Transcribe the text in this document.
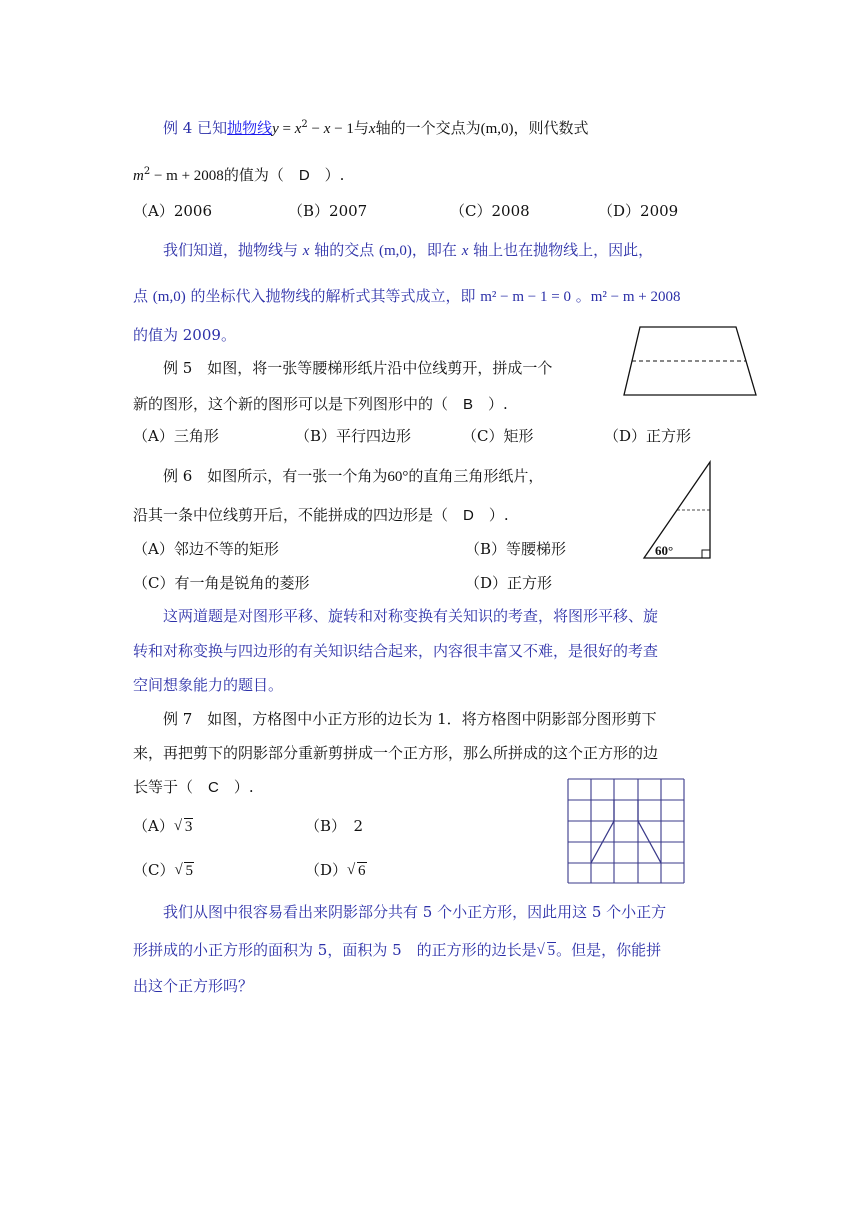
例 4 已知抛物线$y = x^2 - x - 1$与x轴的一个交点为(m,0)，则代数式
$m^2 - m + 2008$的值为（　D　）.
（A）2006	（B）2007	（C）2008	（D）2009
我们知道，抛物线与 x 轴的交点 (m,0)，即在 x 轴上也在抛物线上，因此，
点 (m,0) 的坐标代入抛物线的解析式其等式成立，即 m² − m − 1 = 0 。m² − m + 2008
的值为 2009。
例 5　如图，将一张等腰梯形纸片沿中位线剪开，拼成一个
新的图形，这个新的图形可以是下列图形中的（　B　）.
（A）三角形	（B）平行四边形	（C）矩形	（D）正方形
例 6　如图所示，有一张一个角为60°的直角三角形纸片，
沿其一条中位线剪开后，不能拼成的四边形是（　D　）.
60°
（A）邻边不等的矩形	（B）等腰梯形
（C）有一角是锐角的菱形	（D）正方形
这两道题是对图形平移、旋转和对称变换有关知识的考查，将图形平移、旋
转和对称变换与四边形的有关知识结合起来，内容很丰富又不难，是很好的考查
空间想象能力的题目。
例 7　如图，方格图中小正方形的边长为 1．将方格图中阴影部分图形剪下
来，再把剪下的阴影部分重新剪拼成一个正方形，那么所拼成的这个正方形的边
长等于（　C　）.
（A） √ 3	（B）　2
（C） √ 5	（D） √ 6
我们从图中很容易看出来阴影部分共有 5 个小正方形，因此用这 5 个小正方
形拼成的小正方形的面积为 5，面积为 5　的正方形的边长是 √ 5。但是，你能拼
出这个正方形吗？
